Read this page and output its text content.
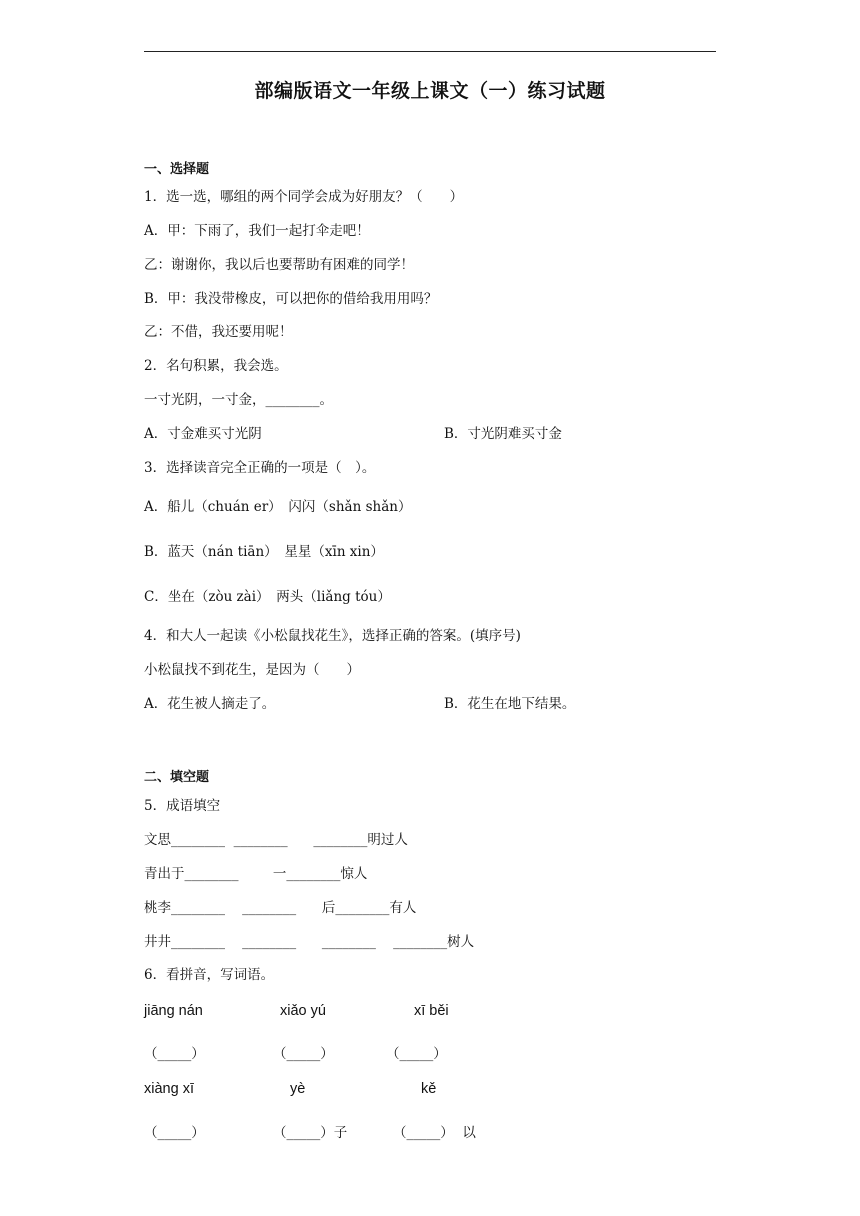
部编版语文一年级上课文（一）练习试题
一、选择题
1．选一选，哪组的两个同学会成为好朋友？（　　）
A．甲：下雨了，我们一起打伞走吧！
乙：谢谢你，我以后也要帮助有困难的同学！
B．甲：我没带橡皮，可以把你的借给我用用吗？
乙：不借，我还要用呢！
2．名句积累，我会选。
一寸光阴，一寸金，________。
A．寸金难买寸光阴	B．寸光阴难买寸金
3．选择读音完全正确的一项是（　）。
A．船儿（chuán er）　闪闪（shǎn shǎn）
B．蓝天（nán tiān）　星星（xīn xin）
C．坐在（zòu zài）　两头（liǎng tóu）
4．和大人一起读《小松鼠找花生》，选择正确的答案。(填序号)
小松鼠找不到花生，是因为（　　）
A．花生被人摘走了。	B．花生在地下结果。
二、填空题
5．成语填空
文思________  ________      ________明过人
青出于________        一________惊人
桃李________    ________      后________有人
井井________    ________      ________    ________树人
6．看拼音，写词语。
jiāng nán	xiǎo yú	xī běi
（_____）	（_____）	（_____）
xiàng xī	yè	kě
（_____）	（_____）子	（_____）  以
